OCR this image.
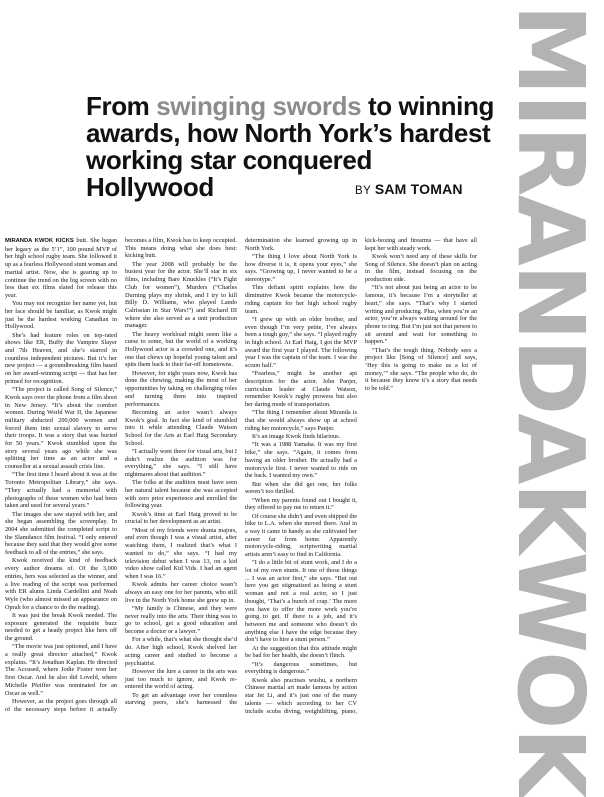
MIRANDAKWOK
From swinging swords to winning awards, how North York’s hardest working star conquered Hollywood	BY SAM TOMAN

MIRANDA KWOK KICKS butt. She began her legacy as the 5’1”, 100 pound MVP of her high school rugby team. She followed it up as a fearless Hollywood stunt woman and martial artist. Now, she is gearing up to continue the trend on the big screen with no less than six films slated for release this year.

You may not recognize her name yet, but her face should be familiar, as Kwok might just be the hardest working Canadian in Hollywood.

She’s had feature roles on top-rated shows like ER, Buffy the Vampire Slayer and 7th Heaven, and she’s starred in countless independent pictures. But it’s her new project — a groundbreaking film based on her award-winning script — that has her primed for recognition.

“The project is called Song of Silence,” Kwok says over the phone from a film shoot in New Jersey. “It’s about the comfort women. During World War II, the Japanese military abducted 200,000 women and forced them into sexual slavery to serve their troops. It was a story that was buried for 50 years.” Kwok stumbled upon the story several years ago while she was splitting her time as an actor and a counsellor at a sexual assault crisis line.

“The first time I heard about it was at the Toronto Metropolitan Library,” she says. “They actually had a memorial with photographs of these women who had been taken and used for several years.”

The images she saw stayed with her, and she began assembling the screenplay. In 2004 she submitted the completed script to the Slamdance film festival. “I only entered because they said that they would give some feedback to all of the entries,” she says.

Kwok received the kind of feedback every author dreams of. Of the 3,000 entries, hers was selected as the winner, and a live reading of the script was performed with ER alums Linda Cardellini and Noah Wyle (who almost missed an appearance on Oprah for a chance to do the reading).

It was just the break Kwok needed. The exposure generated the requisite buzz needed to get a heady project like hers off the ground.

“The movie was just optioned, and I have a really great director attached,” Kwok explains. “It’s Jonathan Kaplan. He directed The Accused, where Jodie Foster won her first Oscar. And he also did Loveld, where Michelle Pfeiffer was nominated for an Oscar as well.”

However, as the project goes through all of the necessary steps before it actually becomes a film, Kwok has to keep occupied. This means doing what she does best: kicking butt.

The year 2008 will probably be the busiest year for the actor. She’ll star in six films, including Bare Knuckles (“It’s Fight Club for women”), Murders (“Charles Durning plays my shrink, and I try to kill Billy D. Williams, who played Lando Calrissian in Star Wars!”) and Richard III where she also served as a unit production manager.

The heavy workload might seem like a curse to some, but the world of a working Hollywood actor is a crowded one, and it’s one that chews up hopeful young talent and spits them back to their far-off hometowns.

However, for eight years now, Kwok has done the chewing, making the most of her opportunities by taking on challenging roles and turning them into inspired performances.

Becoming an actor wasn’t always Kwok’s goal. In fact she kind of stumbled into it while attending Claude Watson School for the Arts at Earl Haig Secondary School.

“I actually went there for visual arts, but I didn’t realize the audition was for everything,” she says. “I still have nightmares about that audition.”

The folks at the audition must have seen her natural talent because she was accepted with zero prior experience and enrolled the following year.

Kwok’s time at Earl Haig proved to be crucial to her development as an artist.

“Most of my friends were drama majors, and even though I was a visual artist, after watching them, I realized that’s what I wanted to do,” she says. “I had my television debut when I was 13, on a kid video show called Kid Vids. I had an agent when I was 16.”

Kwok admits her career choice wasn’t always an easy one for her parents, who still live in the North York home she grew up in.

“My family is Chinese, and they were never really into the arts. Their thing was to go to school, get a good education and become a doctor or a lawyer.”

For a while, that’s what she thought she’d do. After high school, Kwok shelved her acting career and studied to become a psychiatrist.

However the lure a career in the arts was just too much to ignore, and Kwok re-entered the world of acting.

To get an advantage over her countless starving peers, she’s harnessed the determination she learned growing up in North York.

“The thing I love about North York is how diverse it is, it opens your eyes,” she says. “Growing up, I never wanted to be a stereotype.”

This defiant spirit explains how the diminutive Kwok became the motorcycle-riding captain for her high school rugby team.

“I grew up with an older brother, and even though I’m very petite, I’ve always been a tough guy,” she says. “I played rugby in high school. At Earl Haig, I got the MVP award the first year I played. The following year I was the captain of the team. I was the scrum half.”

“Fearless,” might be another apt description for the actor. John Panjer, curriculum leader at Claude Watson, remember Kwok’s rugby prowess but also her daring mode of transportation.

“The thing I remember about Miranda is that she would always show up at school riding her motorcycle,” says Panjer.

It’s an image Kwok finds hilarious.

“It was a 1988 Yamaha. It was my first bike,” she says. “Again, it comes from having an older brother. He actually had a motorcycle first. I never wanted to ride on the back. I wanted my own.”

But when she did get one, her folks weren’t too thrilled.

“When my parents found out I bought it, they offered to pay me to return it.”

Of course she didn’t and even shipped the bike to L.A. when she moved there. And in a way it came in handy as she cultivated her career far from home. Apparently motorcycle-riding, scriptwriting martial artists aren’t easy to find in California.

“I do a little bit of stunt work, and I do a lot of my own stunts. It one of those things ... I was an actor first,” she says. “But out here you get stigmatized as being a stunt woman and not a real actor, so I just thought, ‘That’s a bunch of crap.’ The more you have to offer the more work you’re going to get. If there is a job, and it’s between me and someone who doesn’t do anything else I have the edge because they don’t have to hire a stunt person.”

At the suggestion that this attitude might be bad for her health, she doesn’t flinch.

“It’s dangerous sometimes, but everything is dangerous.”

Kwok also practises wushu, a northern Chinese martial art made famous by action star Jet Li, and it’s just one of the many talents — which according to her CV include scuba diving, weightlifting, piano, kick-boxing and firearms — that have all kept her with steady work.

Kwok won’t need any of these skills for Song of Silence. She doesn’t plan on acting in the film, instead focusing on the production side.

“It’s not about just being an actor to be famous, it’s because I’m a storyteller at heart,” she says. “That’s why I started writing and producing. Plus, when you’re an actor, you’re always waiting around for the phone to ring. But I’m just not that person to sit around and wait for something to happen.”

“That’s the tough thing. Nobody sees a project like [Song of Silence] and says, ‘Hey this is going to make us a lot of money,’” she says. “The people who do, do it because they know it’s a story that needs to be told.”
